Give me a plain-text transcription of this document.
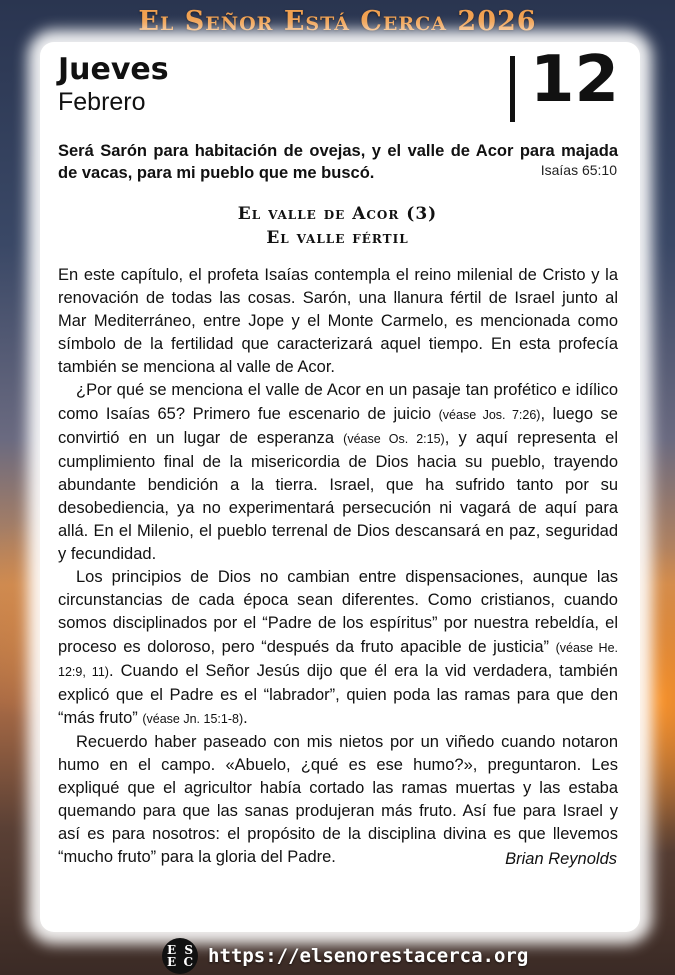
El Señor Está Cerca 2026
Jueves
Febrero	12
Será Sarón para habitación de ovejas, y el valle de Acor para majada de vacas, para mi pueblo que me buscó.	Isaías 65:10
El valle de Acor (3)
El valle fértil

En este capítulo, el profeta Isaías contempla el reino milenial de Cristo y la renovación de todas las cosas. Sarón, una llanura fértil de Israel junto al Mar Mediterráneo, entre Jope y el Monte Carmelo, es mencionada como símbolo de la fertilidad que caracterizará aquel tiempo. En esta profecía también se menciona al valle de Acor.

¿Por qué se menciona el valle de Acor en un pasaje tan profético e idílico como Isaías 65? Primero fue escenario de juicio (véase Jos. 7:26), luego se convirtió en un lugar de esperanza (véase Os. 2:15), y aquí representa el cumplimiento final de la misericordia de Dios hacia su pueblo, trayendo abundante bendición a la tierra. Israel, que ha sufrido tanto por su desobediencia, ya no experimentará persecución ni vagará de aquí para allá. En el Milenio, el pueblo terrenal de Dios descansará en paz, seguridad y fecundidad.

Los principios de Dios no cambian entre dispensaciones, aunque las circunstancias de cada época sean diferentes. Como cristianos, cuando somos disciplinados por el “Padre de los espíritus” por nuestra rebeldía, el proceso es doloroso, pero “después da fruto apacible de justicia” (véase He. 12:9, 11). Cuando el Señor Jesús dijo que él era la vid verdadera, también explicó que el Padre es el “labrador”, quien poda las ramas para que den “más fruto” (véase Jn. 15:1-8).

Recuerdo haber paseado con mis nietos por un viñedo cuando notaron humo en el campo. «Abuelo, ¿qué es ese humo?», preguntaron. Les expliqué que el agricultor había cortado las ramas muertas y las estaba quemando para que las sanas produjeran más fruto. Así fue para Israel y así es para nosotros: el propósito de la disciplina divina es que llevemos “mucho fruto” para la gloria del Padre.	Brian Reynolds
E S
E C https://elsenorestacerca.org
